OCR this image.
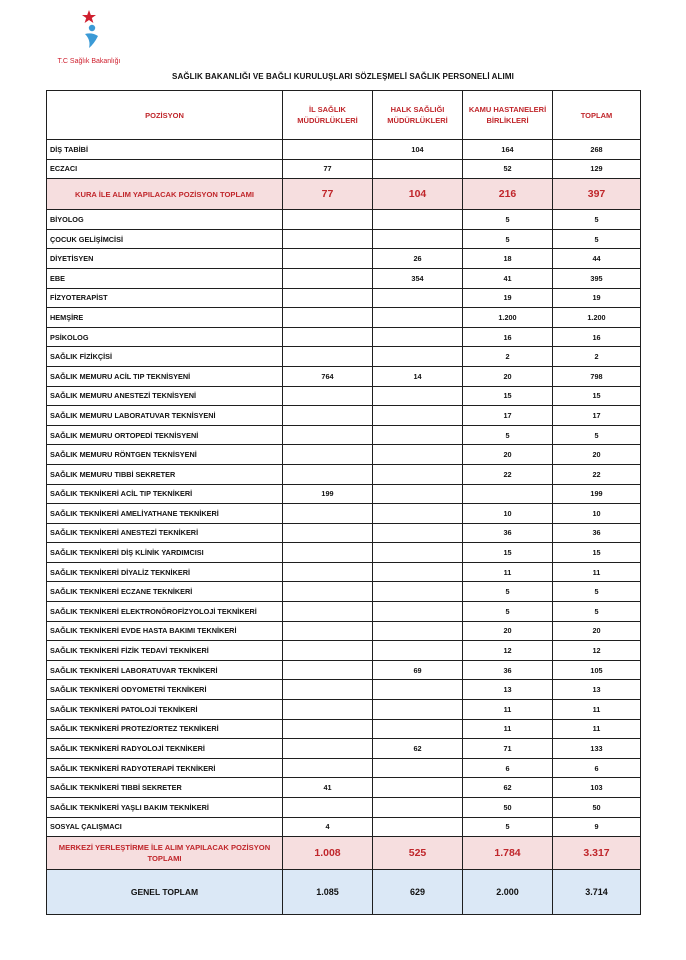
T.C Sağlık Bakanlığı
SAĞLIK BAKANLIĞI VE BAĞLI KURULUŞLARI SÖZLEŞMELİ SAĞLIK PERSONELİ ALIMI
POZİSYON	İL SAĞLIK MÜDÜRLÜKLERİ	HALK SAĞLIĞI MÜDÜRLÜKLERİ	KAMU HASTANELERİ BİRLİKLERİ	TOPLAM
DİŞ TABİBİ		104	164	268
ECZACI	77		52	129
KURA İLE ALIM YAPILACAK POZİSYON TOPLAMI	77	104	216	397
BİYOLOG			5	5
ÇOCUK GELİŞİMCİSİ			5	5
DİYETİSYEN		26	18	44
EBE		354	41	395
FİZYOTERAPİST			19	19
HEMŞİRE			1.200	1.200
PSİKOLOG			16	16
SAĞLIK FİZİKÇİSİ			2	2
SAĞLIK MEMURU ACİL TIP TEKNİSYENİ	764	14	20	798
SAĞLIK MEMURU ANESTEZİ TEKNİSYENİ			15	15
SAĞLIK MEMURU LABORATUVAR TEKNİSYENİ			17	17
SAĞLIK MEMURU ORTOPEDİ TEKNİSYENİ			5	5
SAĞLIK MEMURU RÖNTGEN TEKNİSYENİ			20	20
SAĞLIK MEMURU TIBBİ SEKRETER			22	22
SAĞLIK TEKNİKERİ ACİL TIP TEKNİKERİ	199			199
SAĞLIK TEKNİKERİ AMELİYATHANE TEKNİKERİ			10	10
SAĞLIK TEKNİKERİ ANESTEZİ TEKNİKERİ			36	36
SAĞLIK TEKNİKERİ DİŞ KLİNİK YARDIMCISI			15	15
SAĞLIK TEKNİKERİ DİYALİZ TEKNİKERİ			11	11
SAĞLIK TEKNİKERİ ECZANE TEKNİKERİ			5	5
SAĞLIK TEKNİKERİ ELEKTRONÖROFİZYOLOJİ TEKNİKERİ			5	5
SAĞLIK TEKNİKERİ EVDE HASTA BAKIMI TEKNİKERİ			20	20
SAĞLIK TEKNİKERİ FİZİK TEDAVİ TEKNİKERİ			12	12
SAĞLIK TEKNİKERİ LABORATUVAR TEKNİKERİ		69	36	105
SAĞLIK TEKNİKERİ ODYOMETRİ TEKNİKERİ			13	13
SAĞLIK TEKNİKERİ PATOLOJİ TEKNİKERİ			11	11
SAĞLIK TEKNİKERİ PROTEZ/ORTEZ TEKNİKERİ			11	11
SAĞLIK TEKNİKERİ RADYOLOJİ TEKNİKERİ		62	71	133
SAĞLIK TEKNİKERİ RADYOTERAPİ TEKNİKERİ			6	6
SAĞLIK TEKNİKERİ TIBBİ SEKRETER	41		62	103
SAĞLIK TEKNİKERİ YAŞLI BAKIM TEKNİKERİ			50	50
SOSYAL ÇALIŞMACI	4		5	9
MERKEZİ YERLEŞTİRME İLE ALIM YAPILACAK POZİSYON TOPLAMI	1.008	525	1.784	3.317
GENEL TOPLAM	1.085	629	2.000	3.714
